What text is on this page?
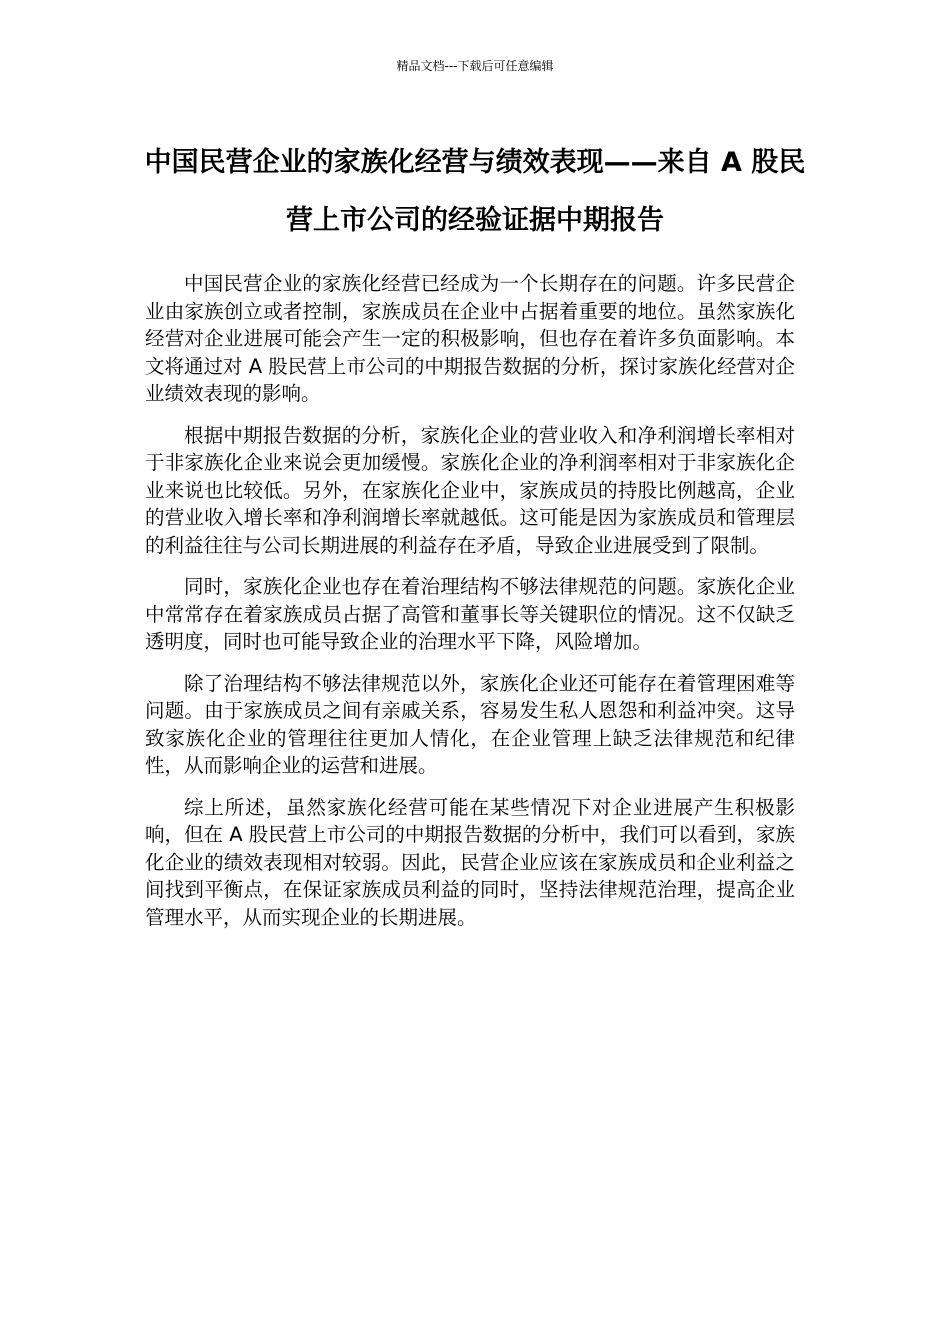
精品文档---下载后可任意编辑
中国民营企业的家族化经营与绩效表现——来自 A 股民营上市公司的经验证据中期报告

中国民营企业的家族化经营已经成为一个长期存在的问题。许多民营企业由家族创立或者控制，家族成员在企业中占据着重要的地位。虽然家族化经营对企业进展可能会产生一定的积极影响，但也存在着许多负面影响。本文将通过对 A 股民营上市公司的中期报告数据的分析，探讨家族化经营对企业绩效表现的影响。

根据中期报告数据的分析，家族化企业的营业收入和净利润增长率相对于非家族化企业来说会更加缓慢。家族化企业的净利润率相对于非家族化企业来说也比较低。另外，在家族化企业中，家族成员的持股比例越高，企业的营业收入增长率和净利润增长率就越低。这可能是因为家族成员和管理层的利益往往与公司长期进展的利益存在矛盾，导致企业进展受到了限制。

同时，家族化企业也存在着治理结构不够法律规范的问题。家族化企业中常常存在着家族成员占据了高管和董事长等关键职位的情况。这不仅缺乏透明度，同时也可能导致企业的治理水平下降，风险增加。

除了治理结构不够法律规范以外，家族化企业还可能存在着管理困难等问题。由于家族成员之间有亲戚关系，容易发生私人恩怨和利益冲突。这导致家族化企业的管理往往更加人情化，在企业管理上缺乏法律规范和纪律性，从而影响企业的运营和进展。

综上所述，虽然家族化经营可能在某些情况下对企业进展产生积极影响，但在 A 股民营上市公司的中期报告数据的分析中，我们可以看到，家族化企业的绩效表现相对较弱。因此，民营企业应该在家族成员和企业利益之间找到平衡点，在保证家族成员利益的同时，坚持法律规范治理，提高企业管理水平，从而实现企业的长期进展。
